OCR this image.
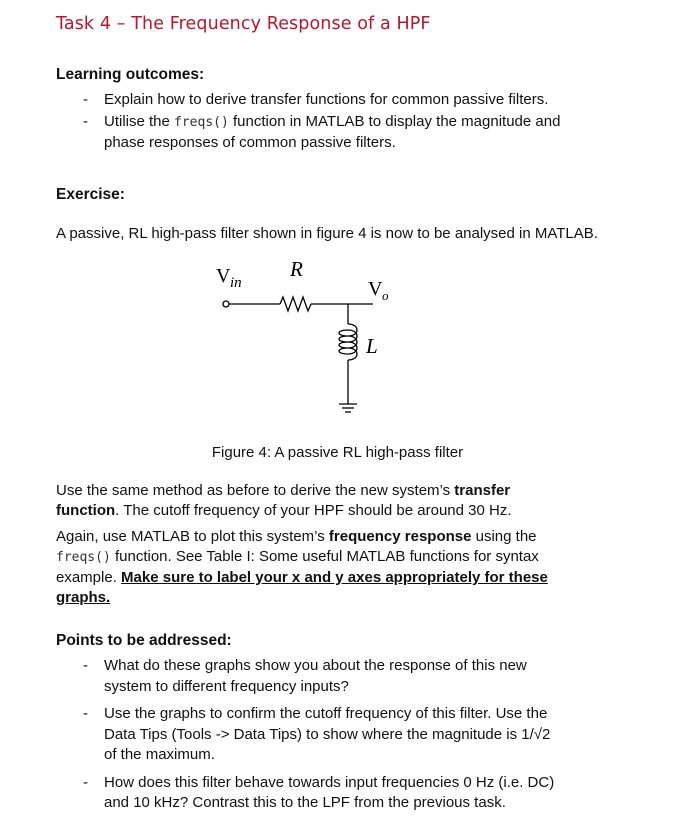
Task 4 – The Frequency Response of a HPF
Learning outcomes:
- Explain how to derive transfer functions for common passive filters.
- Utilise the freqs() function in MATLAB to display the magnitude and
phase responses of common passive filters.
Exercise:

A passive, RL high-pass filter shown in figure 4 is now to be analysed in MATLAB.

V in
R
V o
L
Figure 4: A passive RL high-pass filter

Use the same method as before to derive the new system’s transfer
function. The cutoff frequency of your HPF should be around 30 Hz.

Again, use MATLAB to plot this system’s frequency response using the
freqs() function. See Table I: Some useful MATLAB functions for syntax
example. Make sure to label your x and y axes appropriately for these
graphs.

Points to be addressed:
- What do these graphs show you about the response of this new
system to different frequency inputs?
- Use the graphs to confirm the cutoff frequency of this filter. Use the
Data Tips (Tools -> Data Tips) to show where the magnitude is 1/√2
of the maximum.
- How does this filter behave towards input frequencies 0 Hz (i.e. DC)
and 10 kHz? Contrast this to the LPF from the previous task.
